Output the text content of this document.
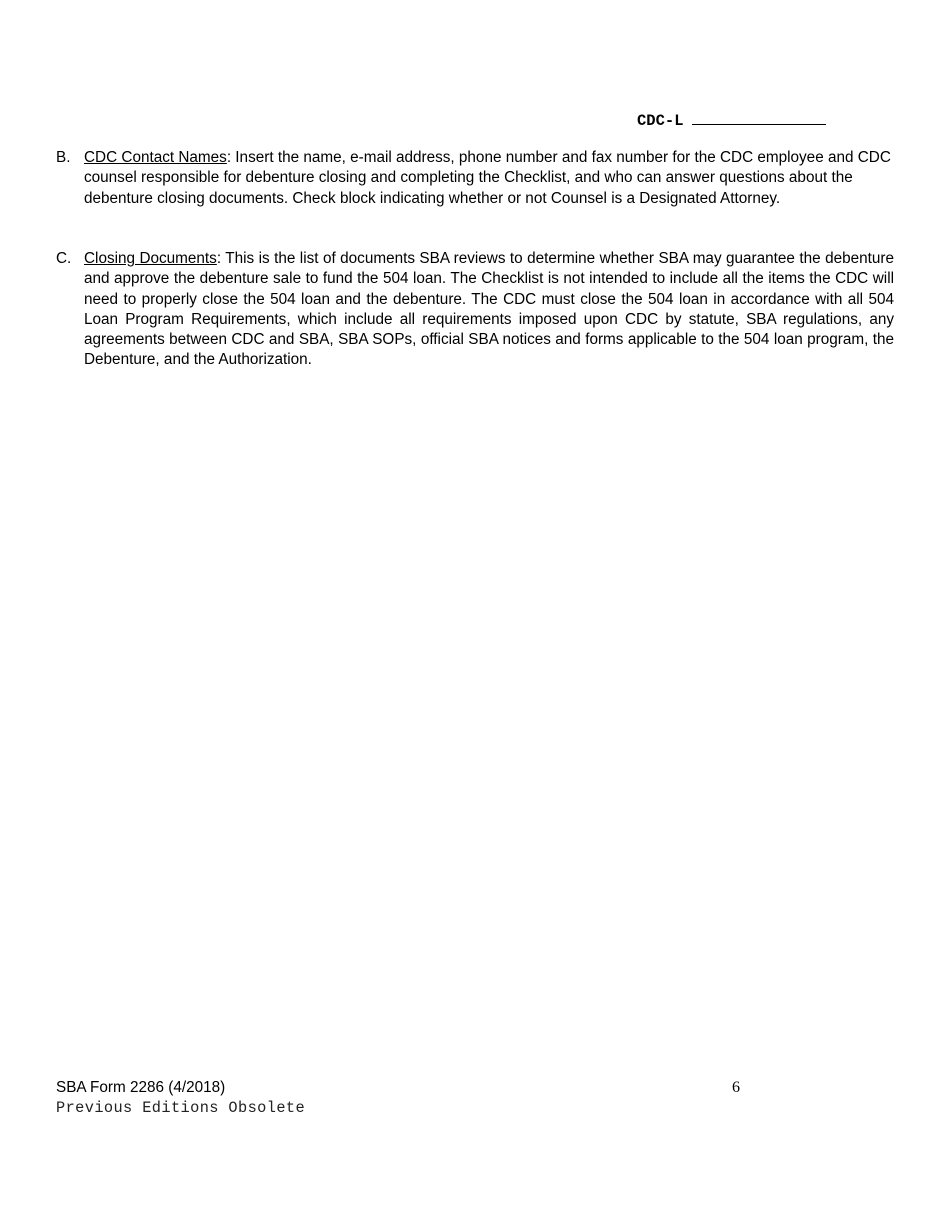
CDC-L
B. CDC Contact Names: Insert the name, e-mail address, phone number and fax number for the CDC employee and CDC counsel responsible for debenture closing and completing the Checklist, and who can answer questions about the debenture closing documents. Check block indicating whether or not Counsel is a Designated Attorney.
C. Closing Documents: This is the list of documents SBA reviews to determine whether SBA may guarantee the debenture and approve the debenture sale to fund the 504 loan. The Checklist is not intended to include all the items the CDC will need to properly close the 504 loan and the debenture. The CDC must close the 504 loan in accordance with all 504 Loan Program Requirements, which include all requirements imposed upon CDC by statute, SBA regulations, any agreements between CDC and SBA, SBA SOPs, official SBA notices and forms applicable to the 504 loan program, the Debenture, and the Authorization.
SBA Form 2286 (4/2018)
Previous Editions Obsolete
6
